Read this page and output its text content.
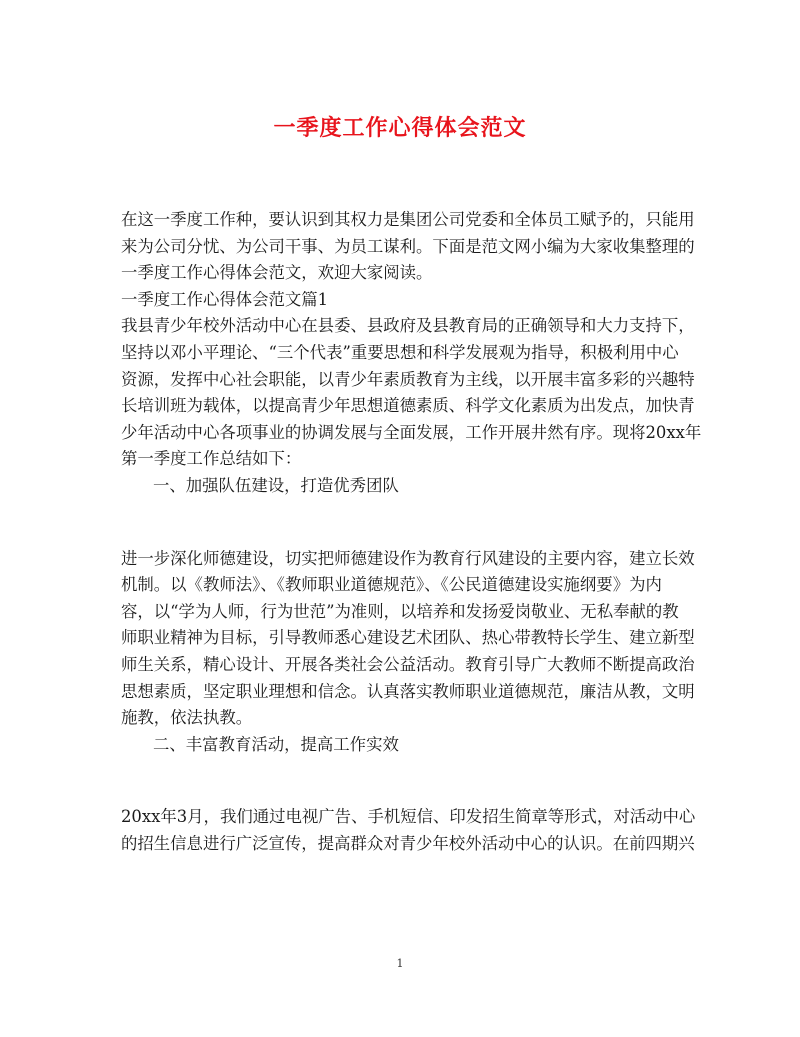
一季度工作心得体会范文
在这一季度工作种，要认识到其权力是集团公司党委和全体员工赋予的，只能用
来为公司分忧、为公司干事、为员工谋利。下面是范文网小编为大家收集整理的
一季度工作心得体会范文，欢迎大家阅读。
一季度工作心得体会范文篇1
我县青少年校外活动中心在县委、县政府及县教育局的正确领导和大力支持下，
坚持以邓小平理论、“三个代表”重要思想和科学发展观为指导，积极利用中心
资源，发挥中心社会职能，以青少年素质教育为主线，以开展丰富多彩的兴趣特
长培训班为载体，以提高青少年思想道德素质、科学文化素质为出发点，加快青
少年活动中心各项事业的协调发展与全面发展，工作开展井然有序。现将20xx年
第一季度工作总结如下：
一、加强队伍建设，打造优秀团队
进一步深化师德建设，切实把师德建设作为教育行风建设的主要内容，建立长效
机制。以《教师法》、《教师职业道德规范》、《公民道德建设实施纲要》为内
容，以“学为人师，行为世范”为准则，以培养和发扬爱岗敬业、无私奉献的教
师职业精神为目标，引导教师悉心建设艺术团队、热心带教特长学生、建立新型
师生关系，精心设计、开展各类社会公益活动。教育引导广大教师不断提高政治
思想素质，坚定职业理想和信念。认真落实教师职业道德规范，廉洁从教，文明
施教，依法执教。
二、丰富教育活动，提高工作实效
20xx年3月，我们通过电视广告、手机短信、印发招生简章等形式，对活动中心
的招生信息进行广泛宣传，提高群众对青少年校外活动中心的认识。在前四期兴
1
